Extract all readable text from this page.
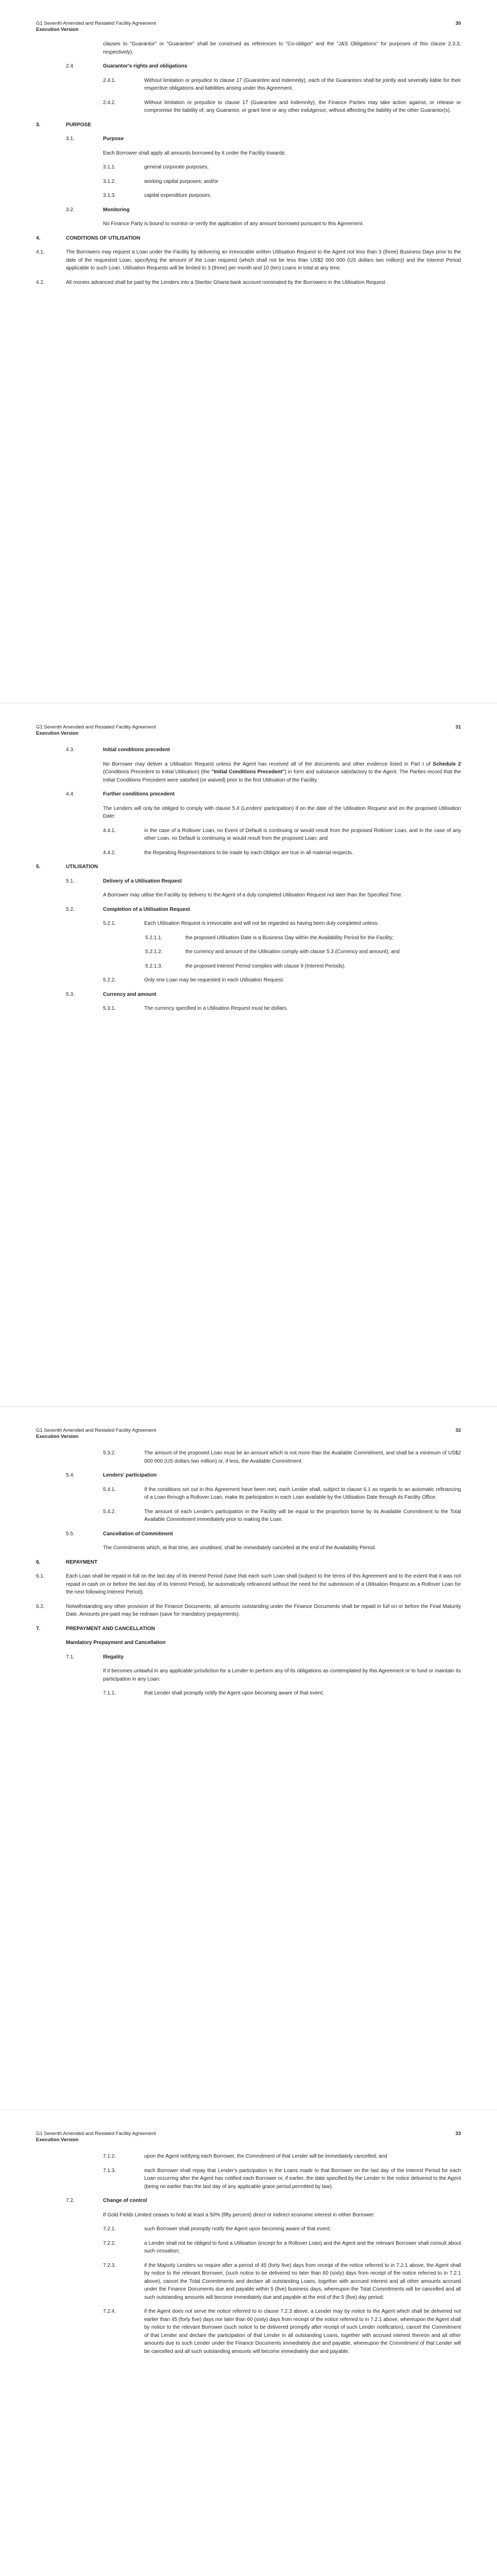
G1 Seventh Amended and Restated Facility Agreement
Execution Version
30
clauses to "Guarantor" or "Guarantee" shall be construed as references to "Co-obligor" and the "J&S Obligations" for purposes of this clause 2.3.3, respectively).
2.4.	Guarantor's rights and obligations
2.4.1.	Without limitation or prejudice to clause 17 (Guarantee and Indemnity), each of the Guarantors shall be jointly and severally liable for their respective obligations and liabilities arising under this Agreement.
2.4.2.	Without limitation or prejudice to clause 17 (Guarantee and Indemnity), the Finance Parties may take action against, or release or compromise the liability of, any Guarantor, or grant time or any other indulgence, without affecting the liability of the other Guarantor(s).
3.	PURPOSE
3.1.	Purpose
Each Borrower shall apply all amounts borrowed by it under the Facility towards:
3.1.1.	general corporate purposes;
3.1.2.	working capital purposes; and/or
3.1.3.	capital expenditure purposes.
3.2.	Monitoring
No Finance Party is bound to monitor or verify the application of any amount borrowed pursuant to this Agreement.
4.	CONDITIONS OF UTILISATION
4.1.	The Borrowers may request a Loan under the Facility by delivering an irrevocable written Utilisation Request to the Agent not less than 3 (three) Business Days prior to the date of the requested Loan, specifying the amount of the Loan required (which shall not be less than US$2 000 000 (US dollars two million)) and the Interest Period applicable to such Loan. Utilisation Requests will be limited to 3 (three) per month and 10 (ten) Loans in total at any time.
4.2.	All monies advanced shall be paid by the Lenders into a Stanbic Ghana bank account nominated by the Borrowers in the Utilisation Request.
G1 Seventh Amended and Restated Facility Agreement
Execution Version
31
4.3.	Initial conditions precedent
No Borrower may deliver a Utilisation Request unless the Agent has received all of the documents and other evidence listed in Part I of Schedule 2 (Conditions Precedent to Initial Utilisation) (the "Initial Conditions Precedent") in form and substance satisfactory to the Agent. The Parties record that the Initial Conditions Precedent were satisfied (or waived) prior to the first Utilisation of the Facility.
4.4.	Further conditions precedent
The Lenders will only be obliged to comply with clause 5.4 (Lenders' participation) if on the date of the Utilisation Request and on the proposed Utilisation Date:
4.4.1.	in the case of a Rollover Loan, no Event of Default is continuing or would result from the proposed Rollover Loan, and in the case of any other Loan, no Default is continuing or would result from the proposed Loan; and
4.4.2.	the Repeating Representations to be made by each Obligor are true in all material respects.
5.	UTILISATION
5.1.	Delivery of a Utilisation Request
A Borrower may utilise the Facility by delivery to the Agent of a duly completed Utilisation Request not later than the Specified Time.
5.2.	Completion of a Utilisation Request
5.2.1.	Each Utilisation Request is irrevocable and will not be regarded as having been duly completed unless:
5.2.1.1.	the proposed Utilisation Date is a Business Day within the Availability Period for the Facility;
5.2.1.2.	the currency and amount of the Utilisation comply with clause 5.3 (Currency and amount); and
5.2.1.3.	the proposed Interest Period complies with clause 9 (Interest Periods).
5.2.2.	Only one Loan may be requested in each Utilisation Request.
5.3.	Currency and amount
5.3.1.	The currency specified in a Utilisation Request must be dollars.
G1 Seventh Amended and Restated Facility Agreement
Execution Version
32
5.3.2.	The amount of the proposed Loan must be an amount which is not more than the Available Commitment, and shall be a minimum of US$2 000 000 (US dollars two million) or, if less, the Available Commitment.
5.4.	Lenders' participation
5.4.1.	If the conditions set out in this Agreement have been met, each Lender shall, subject to clause 6.1 as regards to an automatic refinancing of a Loan through a Rollover Loan, make its participation in each Loan available by the Utilisation Date through its Facility Office.
5.4.2.	The amount of each Lender's participation in the Facility will be equal to the proportion borne by its Available Commitment to the Total Available Commitment immediately prior to making the Loan.
5.5.	Cancellation of Commitment
The Commitments which, at that time, are unutilised, shall be immediately cancelled at the end of the Availability Period.
6.	REPAYMENT
6.1.	Each Loan shall be repaid in full on the last day of its Interest Period (save that each such Loan shall (subject to the terms of this Agreement and to the extent that it was not repaid in cash on or before the last day of its Interest Period), be automatically refinanced without the need for the submission of a Utilisation Request as a Rollover Loan for the next following Interest Period).
6.2.	Notwithstanding any other provision of the Finance Documents, all amounts outstanding under the Finance Documents shall be repaid in full on or before the Final Maturity Date. Amounts pre-paid may be redrawn (save for mandatory prepayments).
7.	PREPAYMENT AND CANCELLATION
Mandatory Prepayment and Cancellation
7.1.	Illegality
If it becomes unlawful in any applicable jurisdiction for a Lender to perform any of its obligations as contemplated by this Agreement or to fund or maintain its participation in any Loan:
7.1.1.	that Lender shall promptly notify the Agent upon becoming aware of that event;
G1 Seventh Amended and Restated Facility Agreement
Execution Version
33
7.1.2.	upon the Agent notifying each Borrower, the Commitment of that Lender will be immediately cancelled; and
7.1.3.	each Borrower shall repay that Lender's participation in the Loans made to that Borrower on the last day of the Interest Period for each Loan occurring after the Agent has notified each Borrower or, if earlier, the date specified by the Lender in the notice delivered to the Agent (being no earlier than the last day of any applicable grace period permitted by law).
7.2.	Change of control
If Gold Fields Limited ceases to hold at least a 50% (fifty percent) direct or indirect economic interest in either Borrower:
7.2.1.	such Borrower shall promptly notify the Agent upon becoming aware of that event;
7.2.2.	a Lender shall not be obliged to fund a Utilisation (except for a Rollover Loan) and the Agent and the relevant Borrower shall consult about such cessation;
7.2.3.	if the Majority Lenders so require after a period of 45 (forty five) days from receipt of the notice referred to in 7.2.1 above, the Agent shall by notice to the relevant Borrower, (such notice to be delivered no later than 60 (sixty) days from receipt of the notice referred to in 7.2.1 above), cancel the Total Commitments and declare all outstanding Loans, together with accrued interest and all other amounts accrued under the Finance Documents due and payable within 5 (five) business days, whereupon the Total Commitments will be cancelled and all such outstanding amounts will become immediately due and payable at the end of the 5 (five) day period;
7.2.4.	if the Agent does not serve the notice referred to in clause 7.2.3 above, a Lender may by notice to the Agent which shall be delivered not earlier than 45 (forty five) days nor later than 60 (sixty) days from receipt of the notice referred to in 7.2.1 above, whereupon the Agent shall by notice to the relevant Borrower (such notice to be delivered promptly after receipt of such Lender notification), cancel the Commitment of that Lender and declare the participation of that Lender in all outstanding Loans, together with accrued interest thereon and all other amounts due to such Lender under the Finance Documents immediately due and payable, whereupon the Commitment of that Lender will be cancelled and all such outstanding amounts will become immediately due and payable.
